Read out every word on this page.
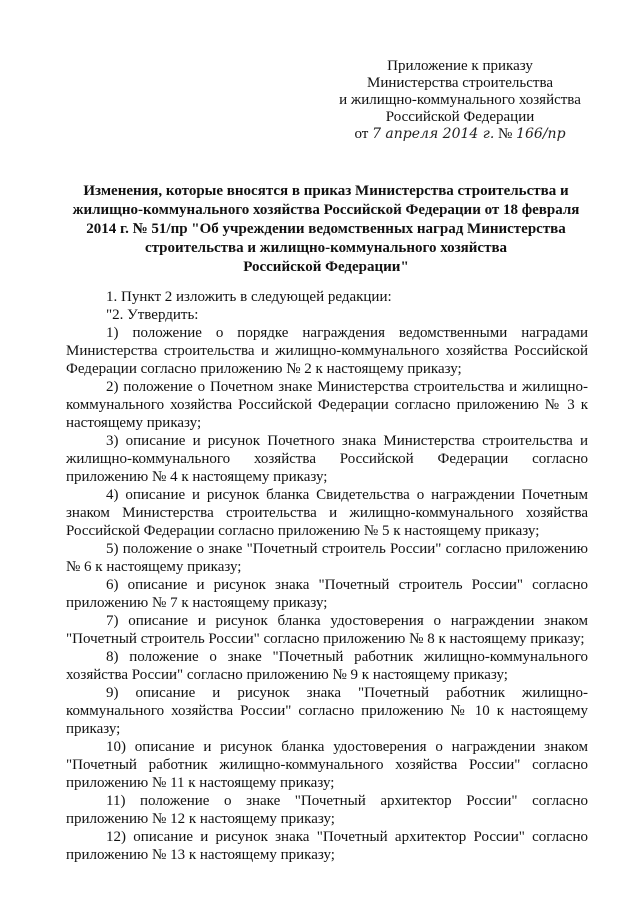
Приложение к приказу
Министерства строительства
и жилищно-коммунального хозяйства
Российской Федерации
от 7 апреля 2014 г. № 166/пр
Изменения, которые вносятся в приказ Министерства строительства и
жилищно-коммунального хозяйства Российской Федерации от 18 февраля
2014 г. № 51/пр "Об учреждении ведомственных наград Министерства
строительства и жилищно-коммунального хозяйства
Российской Федерации"

1. Пункт 2 изложить в следующей редакции:

"2. Утвердить:

1) положение о порядке награждения ведомственными наградами Министерства строительства и жилищно-коммунального хозяйства Российской Федерации согласно приложению № 2 к настоящему приказу;

2) положение о Почетном знаке Министерства строительства и жилищно-коммунального хозяйства Российской Федерации согласно приложению № 3 к настоящему приказу;

3) описание и рисунок Почетного знака Министерства строительства и жилищно-коммунального хозяйства Российской Федерации согласно приложению № 4 к настоящему приказу;

4) описание и рисунок бланка Свидетельства о награждении Почетным знаком Министерства строительства и жилищно-коммунального хозяйства Российской Федерации согласно приложению № 5 к настоящему приказу;

5) положение о знаке "Почетный строитель России" согласно приложению № 6 к настоящему приказу;

6) описание и рисунок знака "Почетный строитель России" согласно приложению № 7 к настоящему приказу;

7) описание и рисунок бланка удостоверения о награждении знаком "Почетный строитель России" согласно приложению № 8 к настоящему приказу;

8) положение о знаке "Почетный работник жилищно-коммунального хозяйства России" согласно приложению № 9 к настоящему приказу;

9) описание и рисунок знака "Почетный работник жилищно-коммунального хозяйства России" согласно приложению № 10 к настоящему приказу;

10) описание и рисунок бланка удостоверения о награждении знаком "Почетный работник жилищно-коммунального хозяйства России" согласно приложению № 11 к настоящему приказу;

11) положение о знаке "Почетный архитектор России" согласно приложению № 12 к настоящему приказу;

12) описание и рисунок знака "Почетный архитектор России" согласно приложению № 13 к настоящему приказу;
